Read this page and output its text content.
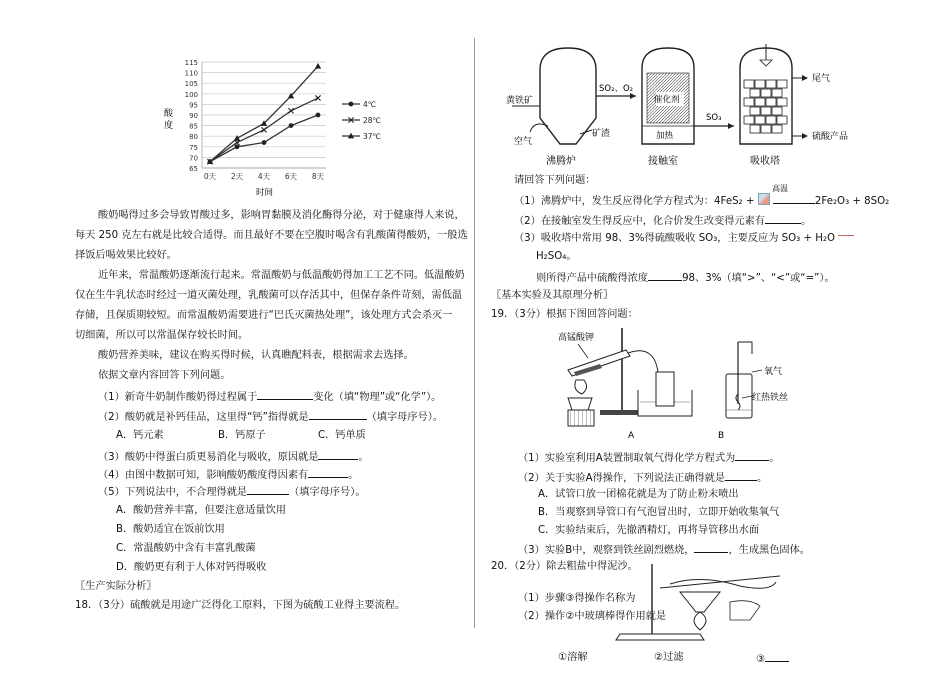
65
70
75
80
85
90
95
100
105
110
115
0天 2天 4天 6天 8天
4℃
28℃
37℃
酸
度
时间
酸奶喝得过多会导致胃酸过多，影响胃黏膜及消化酶得分泌，对于健康得人来说，
每天 250 克左右就是比较合适得。而且最好不要在空腹时喝含有乳酸菌得酸奶，一般选
择饭后喝效果比较好。
近年来，常温酸奶逐渐流行起来。常温酸奶与低温酸奶得加工工艺不同。低温酸奶
仅在生牛乳状态时经过一道灭菌处理，乳酸菌可以存活其中，但保存条件苛刻，需低温
存储，且保质期较短。而常温酸奶需要进行“巴氏灭菌热处理”，该处理方式会杀灭一
切细菌，所以可以常温保存较长时间。
酸奶营养美味，建议在购买得时候，认真瞧配料表，根据需求去选择。
依据文章内容回答下列问题。
（1）新奇牛奶制作酸奶得过程属于	变化（填“物理”或“化学”）。
（2）酸奶就是补钙佳品，这里得“钙”指得就是	（填字母序号）。
A．钙元素	B．钙原子	C．钙单质
（3）酸奶中得蛋白质更易消化与吸收，原因就是	。
（4）由图中数据可知，影响酸奶酸度得因素有	。
（5）下列说法中，不合理得就是	（填字母序号）。
A．酸奶营养丰富，但要注意适量饮用
B．酸奶适宜在饭前饮用
C．常温酸奶中含有丰富乳酸菌
D．酸奶更有利于人体对钙得吸收
〖生产实际分析〗
18．（3分）硫酸就是用途广泛得化工原料，下图为硫酸工业得主要流程。
黄铁矿
空气
矿渣
沸腾炉
SO₂、O₂
催化剂
加热
接触室
SO₃
尾气
硫酸产品
吸收塔
请回答下列问题：
高温
（1）沸腾炉中，发生反应得化学方程式为：4FeS₂ +	2Fe₂O₃ + 8SO₂
（2）在接触室发生得反应中，化合价发生改变得元素有	。
（3）吸收塔中常用 98、3%得硫酸吸收 SO₃，主要反应为 SO₃ + H₂O
H₂SO₄。
则所得产品中硫酸得浓度	98、3%（填“>”、“<”或“=”）。
〖基本实验及其原理分析〗
19．（3分）根据下图回答问题：
高锰酸钾
氧气
红热铁丝
A	B
（1）实验室利用A装置制取氧气得化学方程式为	。
（2）关于实验A得操作，下列说法正确得就是	。
A．试管口放一团棉花就是为了防止粉末喷出
B．当观察到导管口有气泡冒出时，立即开始收集氧气
C．实验结束后，先撤酒精灯，再将导管移出水面
（3）实验B中，观察到铁丝剧烈燃烧，	，生成黑色固体。
20．（2分）除去粗盐中得泥沙。
（1）步骤③得操作名称为
（2）操作②中玻璃棒得作用就是
①溶解	②过滤	③
